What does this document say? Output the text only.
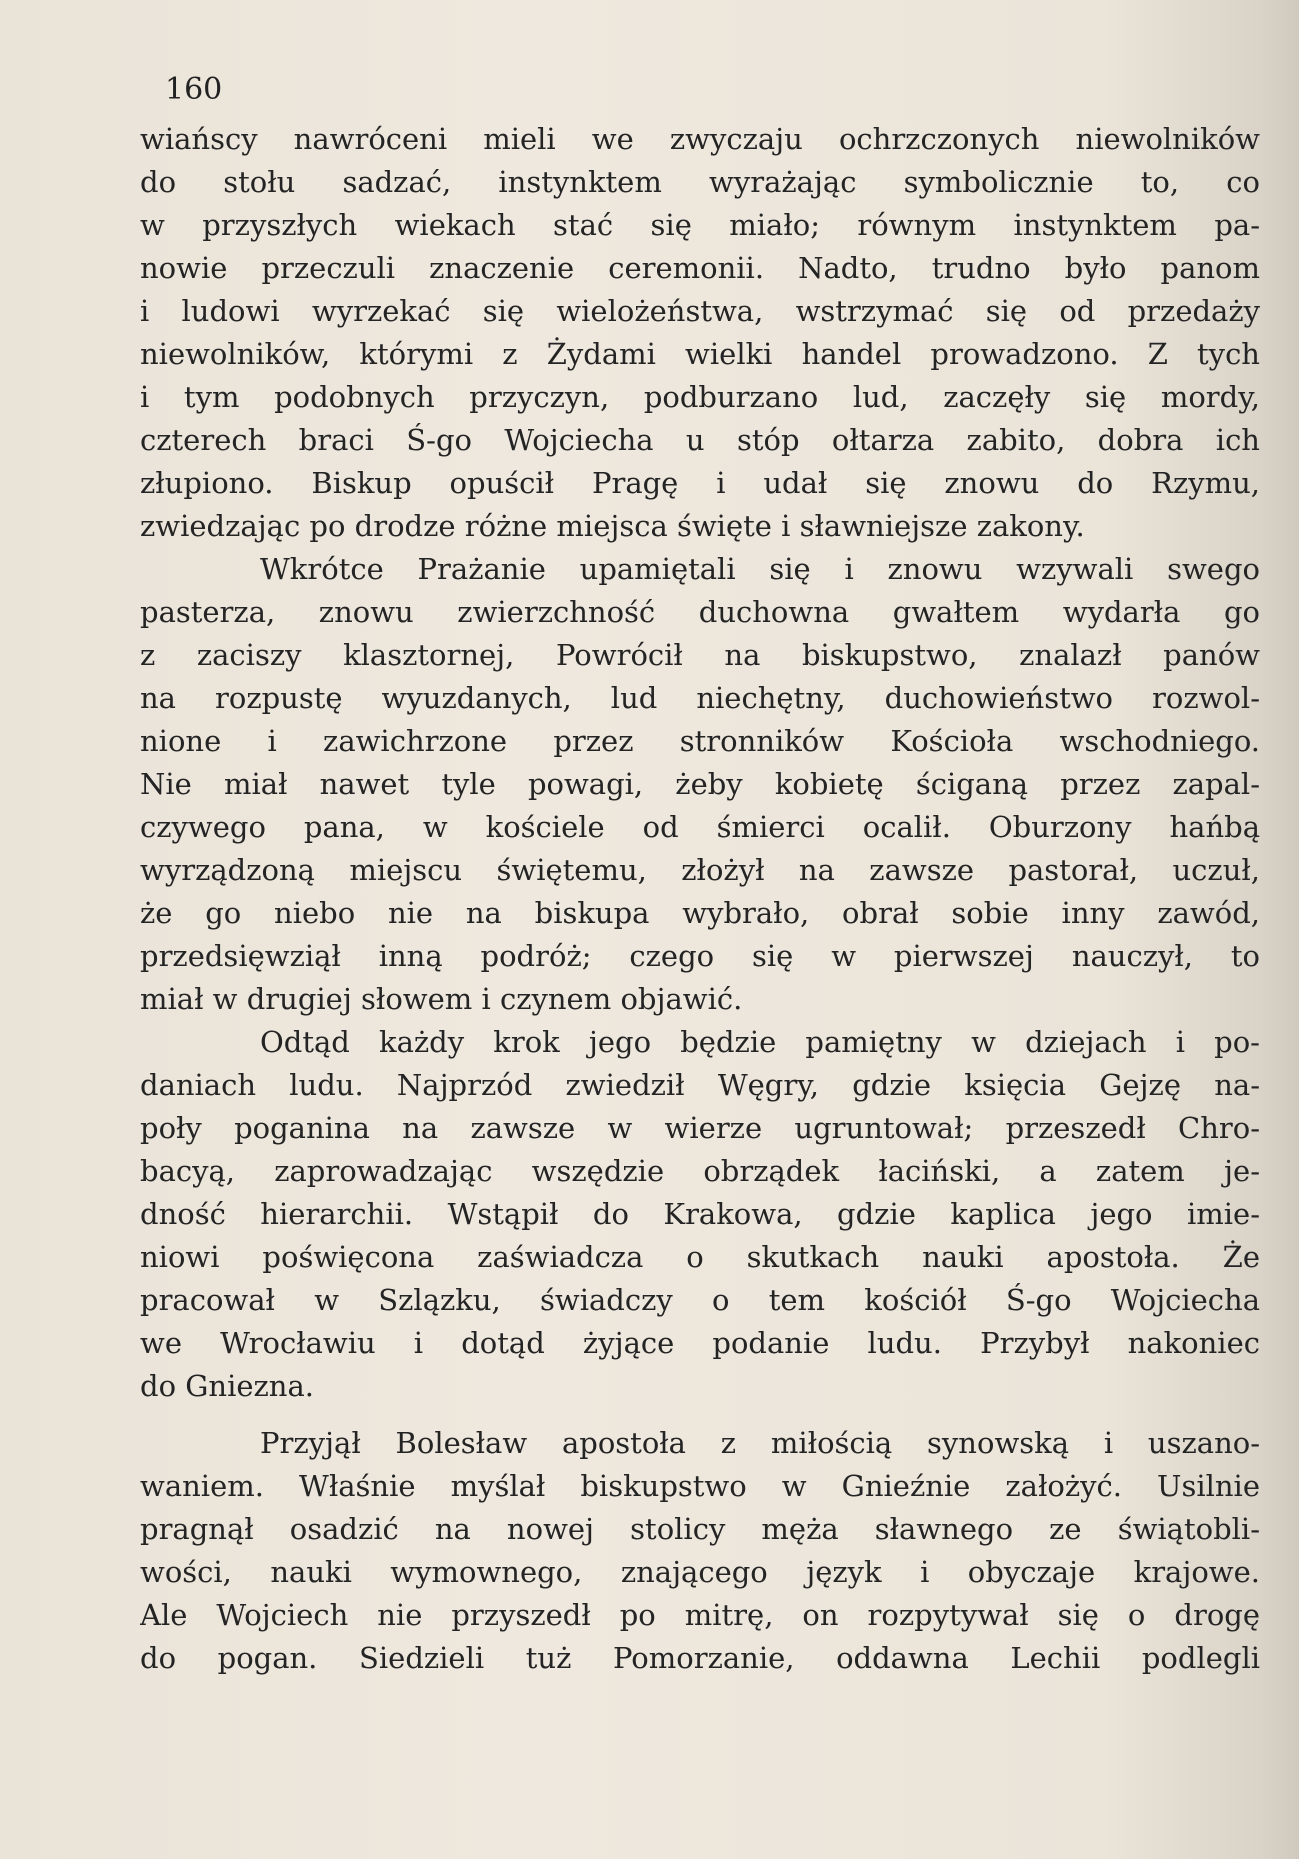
160

wiańscy nawróceni mieli we zwyczaju ochrzczonych niewolników
do stołu sadzać, instynktem wyrażając symbolicznie to, co
w przyszłych wiekach stać się miało; równym instynktem pa-
nowie przeczuli znaczenie ceremonii. Nadto, trudno było panom
i ludowi wyrzekać się wielożeństwa, wstrzymać się od przedaży
niewolników, którymi z Żydami wielki handel prowadzono. Z tych
i tym podobnych przyczyn, podburzano lud, zaczęły się mordy,
czterech braci Ś-go Wojciecha u stóp ołtarza zabito, dobra ich
złupiono. Biskup opuścił Pragę i udał się znowu do Rzymu,
zwiedzając po drodze różne miejsca święte i sławniejsze zakony.
Wkrótce Prażanie upamiętali się i znowu wzywali swego
pasterza, znowu zwierzchność duchowna gwałtem wydarła go
z zaciszy klasztornej, Powrócił na biskupstwo, znalazł panów
na rozpustę wyuzdanych, lud niechętny, duchowieństwo rozwol-
nione i zawichrzone przez stronników Kościoła wschodniego.
Nie miał nawet tyle powagi, żeby kobietę ściganą przez zapal-
czywego pana, w kościele od śmierci ocalił. Oburzony hańbą
wyrządzoną miejscu świętemu, złożył na zawsze pastorał, uczuł,
że go niebo nie na biskupa wybrało, obrał sobie inny zawód,
przedsięwziął inną podróż; czego się w pierwszej nauczył, to
miał w drugiej słowem i czynem objawić.
Odtąd każdy krok jego będzie pamiętny w dziejach i po-
daniach ludu. Najprzód zwiedził Węgry, gdzie księcia Gejzę na-
poły poganina na zawsze w wierze ugruntował; przeszedł Chro-
bacyą, zaprowadzając wszędzie obrządek łaciński, a zatem je-
dność hierarchii. Wstąpił do Krakowa, gdzie kaplica jego imie-
niowi poświęcona zaświadcza o skutkach nauki apostoła. Że
pracował w Szlązku, świadczy o tem kościół Ś-go Wojciecha
we Wrocławiu i dotąd żyjące podanie ludu. Przybył nakoniec
do Gniezna.
Przyjął Bolesław apostoła z miłością synowską i uszano-
waniem. Właśnie myślał biskupstwo w Gnieźnie założyć. Usilnie
pragnął osadzić na nowej stolicy męża sławnego ze świątobli-
wości, nauki wymownego, znającego język i obyczaje krajowe.
Ale Wojciech nie przyszedł po mitrę, on rozpytywał się o drogę
do pogan. Siedzieli tuż Pomorzanie, oddawna Lechii podlegli
